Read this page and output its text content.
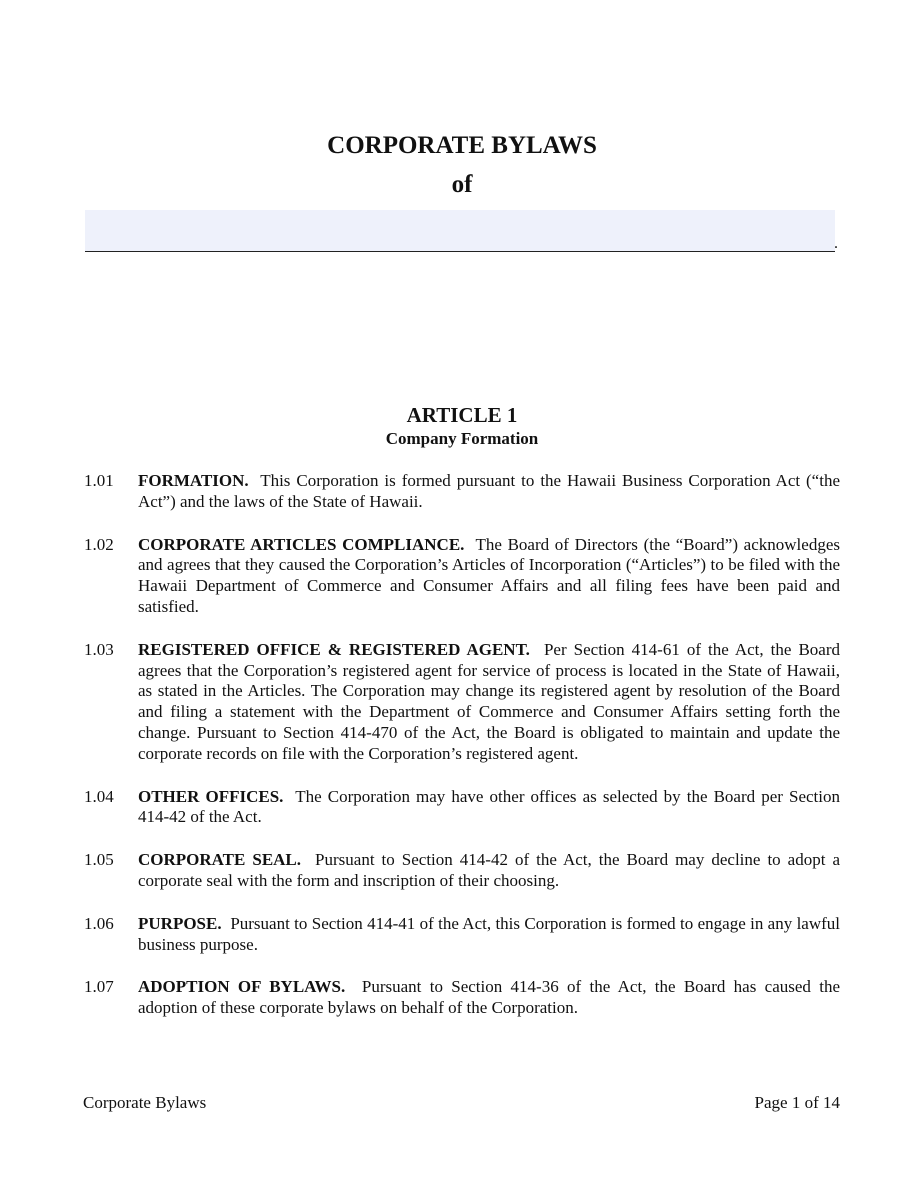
CORPORATE BYLAWS
of
.
ARTICLE 1
Company Formation
1.01	FORMATION. This Corporation is formed pursuant to the Hawaii Business Corporation Act (“the Act”) and the laws of the State of Hawaii.
1.02	CORPORATE ARTICLES COMPLIANCE. The Board of Directors (the “Board”) acknowledges and agrees that they caused the Corporation’s Articles of Incorporation (“Articles”) to be filed with the Hawaii Department of Commerce and Consumer Affairs and all filing fees have been paid and satisfied.
1.03	REGISTERED OFFICE & REGISTERED AGENT. Per Section 414-61 of the Act, the Board agrees that the Corporation’s registered agent for service of process is located in the State of Hawaii, as stated in the Articles. The Corporation may change its registered agent by resolution of the Board and filing a statement with the Department of Commerce and Consumer Affairs setting forth the change. Pursuant to Section 414-470 of the Act, the Board is obligated to maintain and update the corporate records on file with the Corporation’s registered agent.
1.04	OTHER OFFICES. The Corporation may have other offices as selected by the Board per Section 414-42 of the Act.
1.05	CORPORATE SEAL. Pursuant to Section 414-42 of the Act, the Board may decline to adopt a corporate seal with the form and inscription of their choosing.
1.06	PURPOSE. Pursuant to Section 414-41 of the Act, this Corporation is formed to engage in any lawful business purpose.
1.07	ADOPTION OF BYLAWS. Pursuant to Section 414-36 of the Act, the Board has caused the adoption of these corporate bylaws on behalf of the Corporation.
Corporate Bylaws	Page 1 of 14
